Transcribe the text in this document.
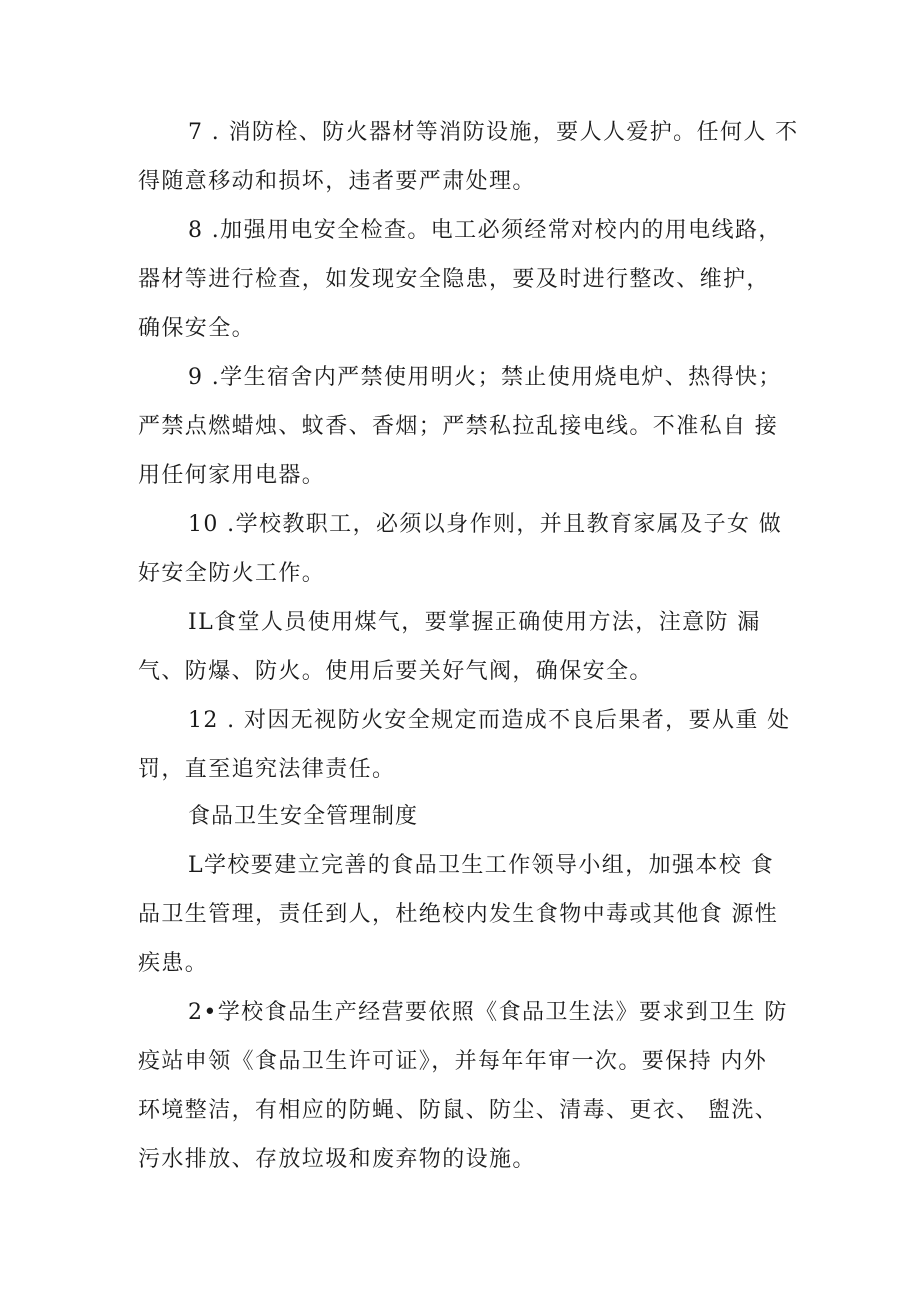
7 . 消防栓、防火器材等消防设施，要人人爱护。任何人 不
得随意移动和损坏，违者要严肃处理。
8 .加强用电安全检查。电工必须经常对校内的用电线路，
器材等进行检查，如发现安全隐患，要及时进行整改、维护，
确保安全。
9 .学生宿舍内严禁使用明火；禁止使用烧电炉、热得快；
严禁点燃蜡烛、蚊香、香烟；严禁私拉乱接电线。不准私自 接
用任何家用电器。
10 .学校教职工，必须以身作则，并且教育家属及子女 做
好安全防火工作。
IL食堂人员使用煤气，要掌握正确使用方法，注意防 漏
气、防爆、防火。使用后要关好气阀，确保安全。
12 . 对因无视防火安全规定而造成不良后果者，要从重 处
罚，直至追究法律责任。
食品卫生安全管理制度
L学校要建立完善的食品卫生工作领导小组，加强本校 食
品卫生管理，责任到人，杜绝校内发生食物中毒或其他食 源性
疾患。
2•学校食品生产经营要依照《食品卫生法》要求到卫生 防
疫站申领《食品卫生许可证》，并每年年审一次。要保持 内外
环境整洁，有相应的防蝇、防鼠、防尘、清毒、更衣、 盥洗、
污水排放、存放垃圾和废弃物的设施。
